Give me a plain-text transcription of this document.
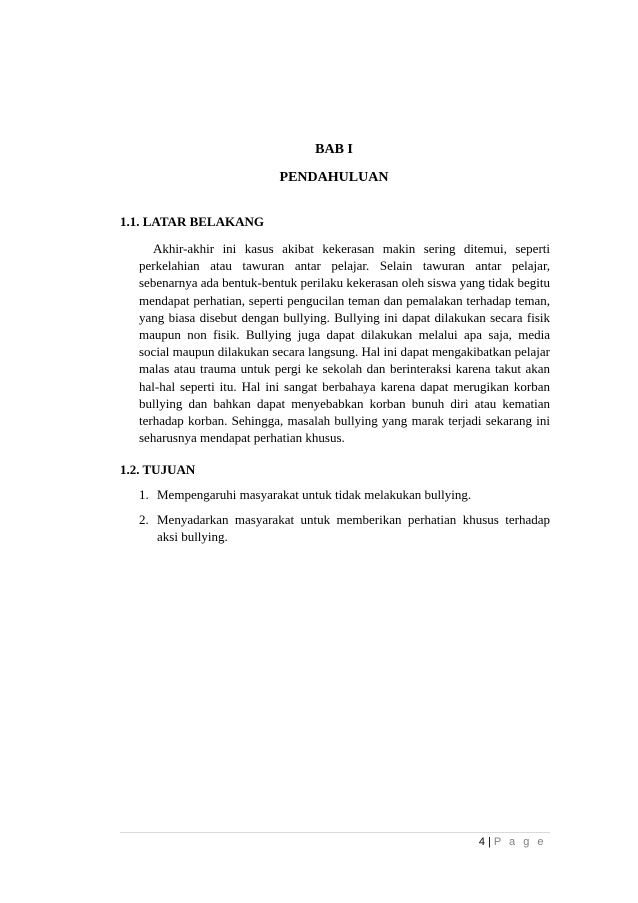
BAB I
PENDAHULUAN
1.1. LATAR BELAKANG

Akhir-akhir ini kasus akibat kekerasan makin sering ditemui, seperti perkelahian atau tawuran antar pelajar. Selain tawuran antar pelajar, sebenarnya ada bentuk-bentuk perilaku kekerasan oleh siswa yang tidak begitu mendapat perhatian, seperti pengucilan teman dan pemalakan terhadap teman, yang biasa disebut dengan bullying. Bullying ini dapat dilakukan secara fisik maupun non fisik. Bullying juga dapat dilakukan melalui apa saja, media social maupun dilakukan secara langsung. Hal ini dapat mengakibatkan pelajar malas atau trauma untuk pergi ke sekolah dan berinteraksi karena takut akan hal-hal seperti itu. Hal ini sangat berbahaya karena dapat merugikan korban bullying dan bahkan dapat menyebabkan korban bunuh diri atau kematian terhadap korban. Sehingga, masalah bullying yang marak terjadi sekarang ini seharusnya mendapat perhatian khusus.

1.2. TUJUAN
1. Mempengaruhi masyarakat untuk tidak melakukan bullying.
2. Menyadarkan masyarakat untuk memberikan perhatian khusus terhadap aksi bullying.
4 | P a g e
